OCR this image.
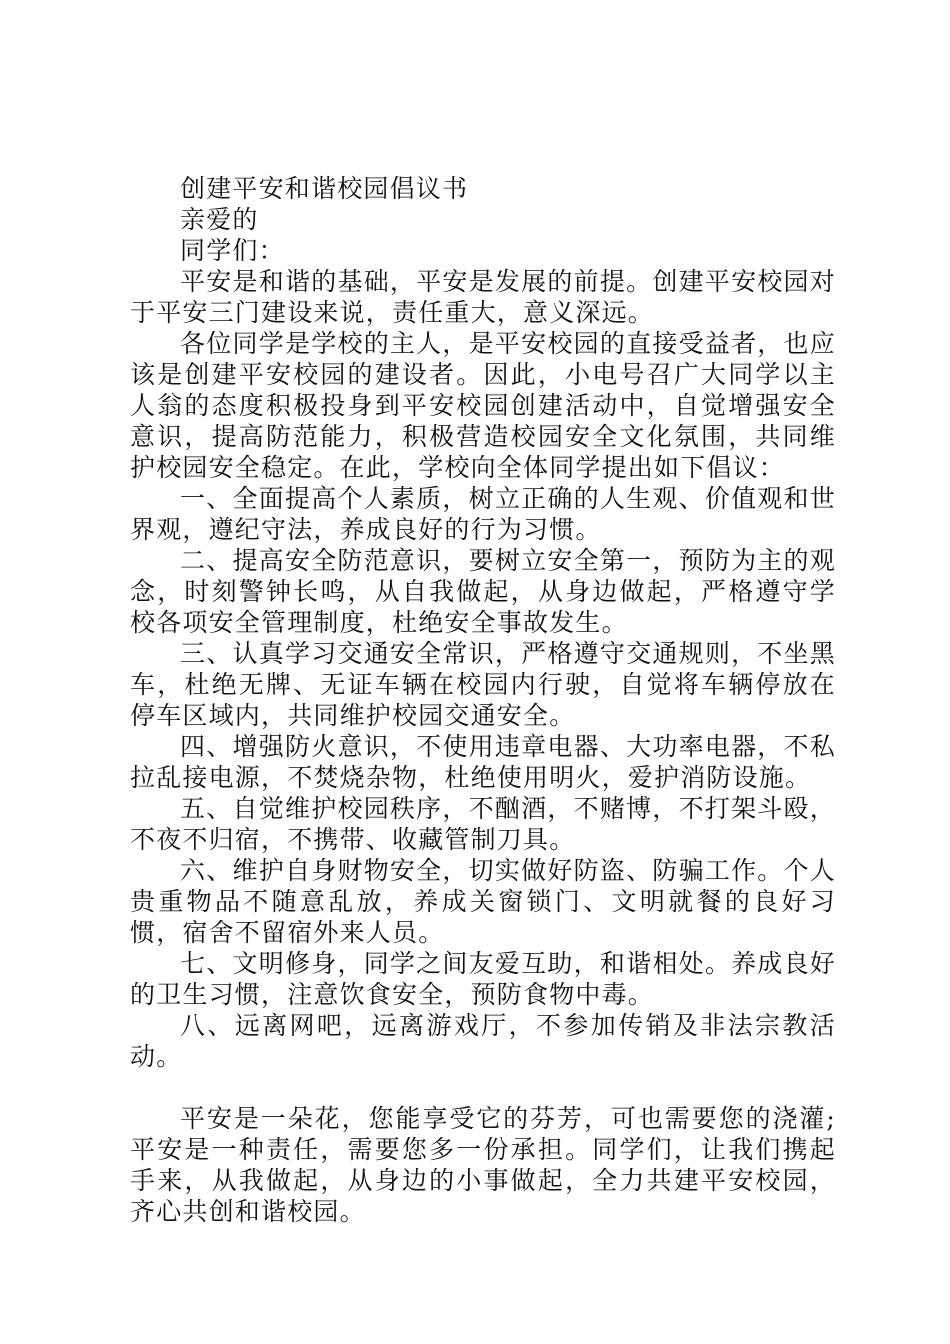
创建平安和谐校园倡议书

亲爱的

同学们：

平安是和谐的基础，平安是发展的前提。创建平安校园对于平安三门建设来说，责任重大，意义深远。

各位同学是学校的主人，是平安校园的直接受益者，也应该是创建平安校园的建设者。因此，小电号召广大同学以主人翁的态度积极投身到平安校园创建活动中，自觉增强安全意识，提高防范能力，积极营造校园安全文化氛围，共同维护校园安全稳定。在此，学校向全体同学提出如下倡议：

一、全面提高个人素质，树立正确的人生观、价值观和世界观，遵纪守法，养成良好的行为习惯。

二、提高安全防范意识，要树立安全第一，预防为主的观念，时刻警钟长鸣，从自我做起，从身边做起，严格遵守学校各项安全管理制度，杜绝安全事故发生。

三、认真学习交通安全常识，严格遵守交通规则，不坐黑车，杜绝无牌、无证车辆在校园内行驶，自觉将车辆停放在停车区域内，共同维护校园交通安全。

四、增强防火意识，不使用违章电器、大功率电器，不私拉乱接电源，不焚烧杂物，杜绝使用明火，爱护消防设施。

五、自觉维护校园秩序，不酗酒，不赌博，不打架斗殴，不夜不归宿，不携带、收藏管制刀具。

六、维护自身财物安全，切实做好防盗、防骗工作。个人贵重物品不随意乱放，养成关窗锁门、文明就餐的良好习惯，宿舍不留宿外来人员。

七、文明修身，同学之间友爱互助，和谐相处。养成良好的卫生习惯，注意饮食安全，预防食物中毒。

八、远离网吧，远离游戏厅，不参加传销及非法宗教活动。

平安是一朵花，您能享受它的芬芳，可也需要您的浇灌;平安是一种责任，需要您多一份承担。同学们，让我们携起手来，从我做起，从身边的小事做起，全力共建平安校园，齐心共创和谐校园。
